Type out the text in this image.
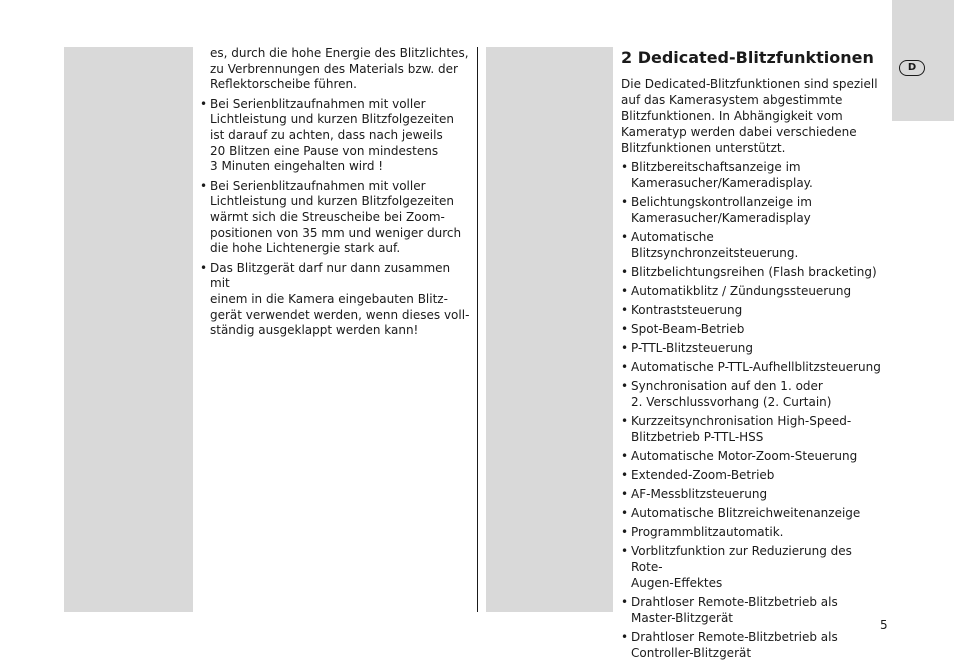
D

es, durch die hohe Energie des Blitzlichtes,
zu Verbrennungen des Materials bzw. der
Reflektorscheibe führen.

• Bei Serienblitzaufnahmen mit voller
Lichtleistung und kurzen Blitzfolgezeiten
ist darauf zu achten, dass nach jeweils
20 Blitzen eine Pause von mindestens
3 Minuten eingehalten wird !
• Bei Serienblitzaufnahmen mit voller
Lichtleistung und kurzen Blitzfolgezeiten
wärmt sich die Streuscheibe bei Zoom-
positionen von 35 mm und weniger durch
die hohe Lichtenergie stark auf.
• Das Blitzgerät darf nur dann zusammen mit
einem in die Kamera eingebauten Blitz-
gerät verwendet werden, wenn dieses voll-
ständig ausgeklappt werden kann!
2 Dedicated-Blitzfunktionen

Die Dedicated-Blitzfunktionen sind speziell
auf das Kamerasystem abgestimmte
Blitzfunktionen. In Abhängigkeit vom
Kameratyp werden dabei verschiedene
Blitzfunktionen unterstützt.

• Blitzbereitschaftsanzeige im
Kamerasucher/Kameradisplay.
• Belichtungskontrollanzeige im
Kamerasucher/Kameradisplay
• Automatische Blitzsynchronzeitsteuerung.
• Blitzbelichtungsreihen (Flash bracketing)
• Automatikblitz / Zündungssteuerung
• Kontraststeuerung
• Spot-Beam-Betrieb
• P-TTL-Blitzsteuerung
• Automatische P-TTL-Aufhellblitzsteuerung
• Synchronisation auf den 1. oder
2. Verschlussvorhang (2. Curtain)
• Kurzzeitsynchronisation High-Speed-
Blitzbetrieb P-TTL-HSS
• Automatische Motor-Zoom-Steuerung
• Extended-Zoom-Betrieb
• AF-Messblitzsteuerung
• Automatische Blitzreichweitenanzeige
• Programmblitzautomatik.
• Vorblitzfunktion zur Reduzierung des Rote-
Augen-Effektes
• Drahtloser Remote-Blitzbetrieb als
Master-Blitzgerät
• Drahtloser Remote-Blitzbetrieb als
Controller-Blitzgerät
5
